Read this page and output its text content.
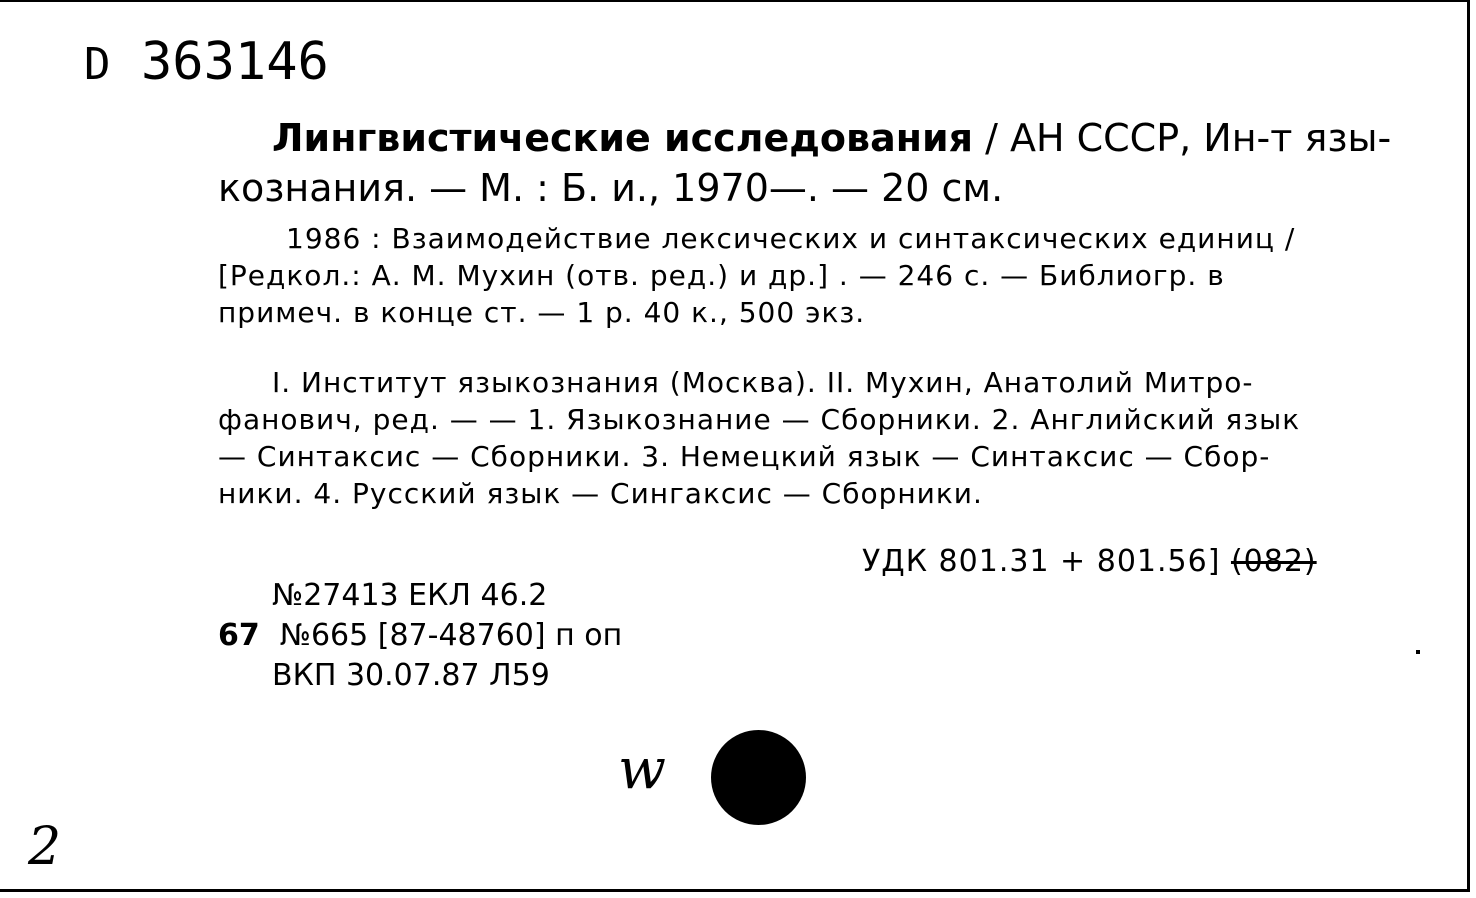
D 363146
Лингвистические исследования / АН СССР, Ин-т язы-
кознания. — М. : Б. и., 1970—. — 20 см.
1986 : Взаимодействие лексических и синтаксических единиц /
[Редкол.: А. М. Мухин (отв. ред.) и др.] . — 246 с. — Библиогр. в
примеч. в конце ст. — 1 р. 40 к., 500 экз.
I. Институт языкознания (Москва). II. Мухин, Анатолий Митро-
фанович, ред. — — 1. Языкознание — Сборники. 2. Английский язык
— Синтаксис — Сборники. 3. Немецкий язык — Синтаксис — Сбор-
ники. 4. Русский язык — Сингаксис — Сборники.
УДК 801.31 + 801.56] (082)
№27413 ЕКЛ 46.2
67 №665 [87-48760] п оп
ВКП 30.07.87 Л59
w
2
